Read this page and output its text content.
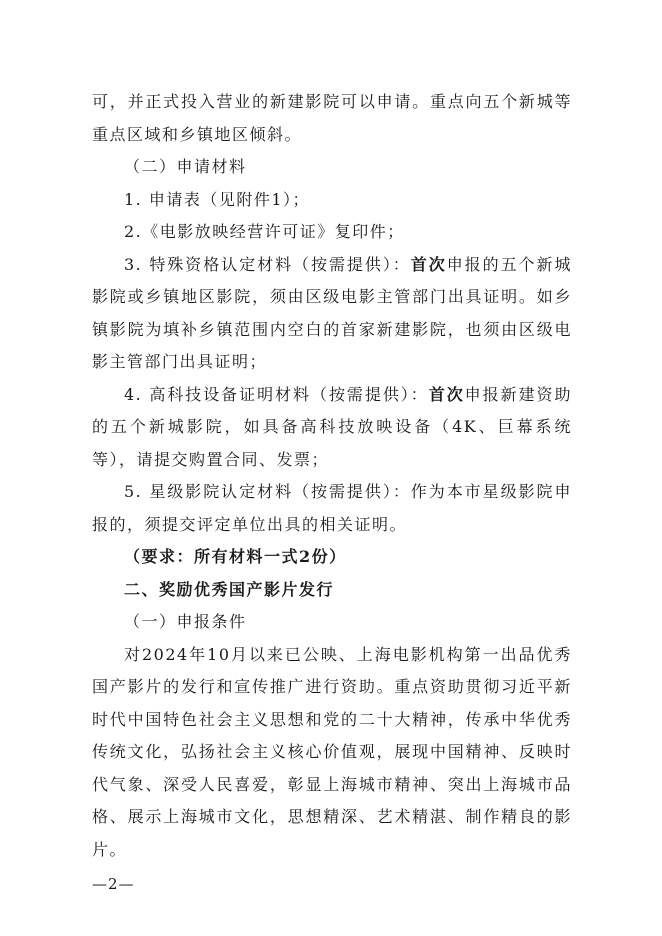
可，并正式投入营业的新建影院可以申请。重点向五个新城等重点区域和乡镇地区倾斜。

（二）申请材料

1. 申请表（见附件1）；

2.《电影放映经营许可证》复印件；

3. 特殊资格认定材料（按需提供）：首次申报的五个新城影院或乡镇地区影院，须由区级电影主管部门出具证明。如乡镇影院为填补乡镇范围内空白的首家新建影院，也须由区级电影主管部门出具证明；

4. 高科技设备证明材料（按需提供）：首次申报新建资助的五个新城影院，如具备高科技放映设备（4K、巨幕系统等），请提交购置合同、发票；

5. 星级影院认定材料（按需提供）：作为本市星级影院申报的，须提交评定单位出具的相关证明。

（要求：所有材料一式2份）

二、奖励优秀国产影片发行

（一）申报条件

对2024年10月以来已公映、上海电影机构第一出品优秀国产影片的发行和宣传推广进行资助。重点资助贯彻习近平新时代中国特色社会主义思想和党的二十大精神，传承中华优秀传统文化，弘扬社会主义核心价值观，展现中国精神、反映时代气象、深受人民喜爱，彰显上海城市精神、突出上海城市品格、展示上海城市文化，思想精深、艺术精湛、制作精良的影片。

—2—
